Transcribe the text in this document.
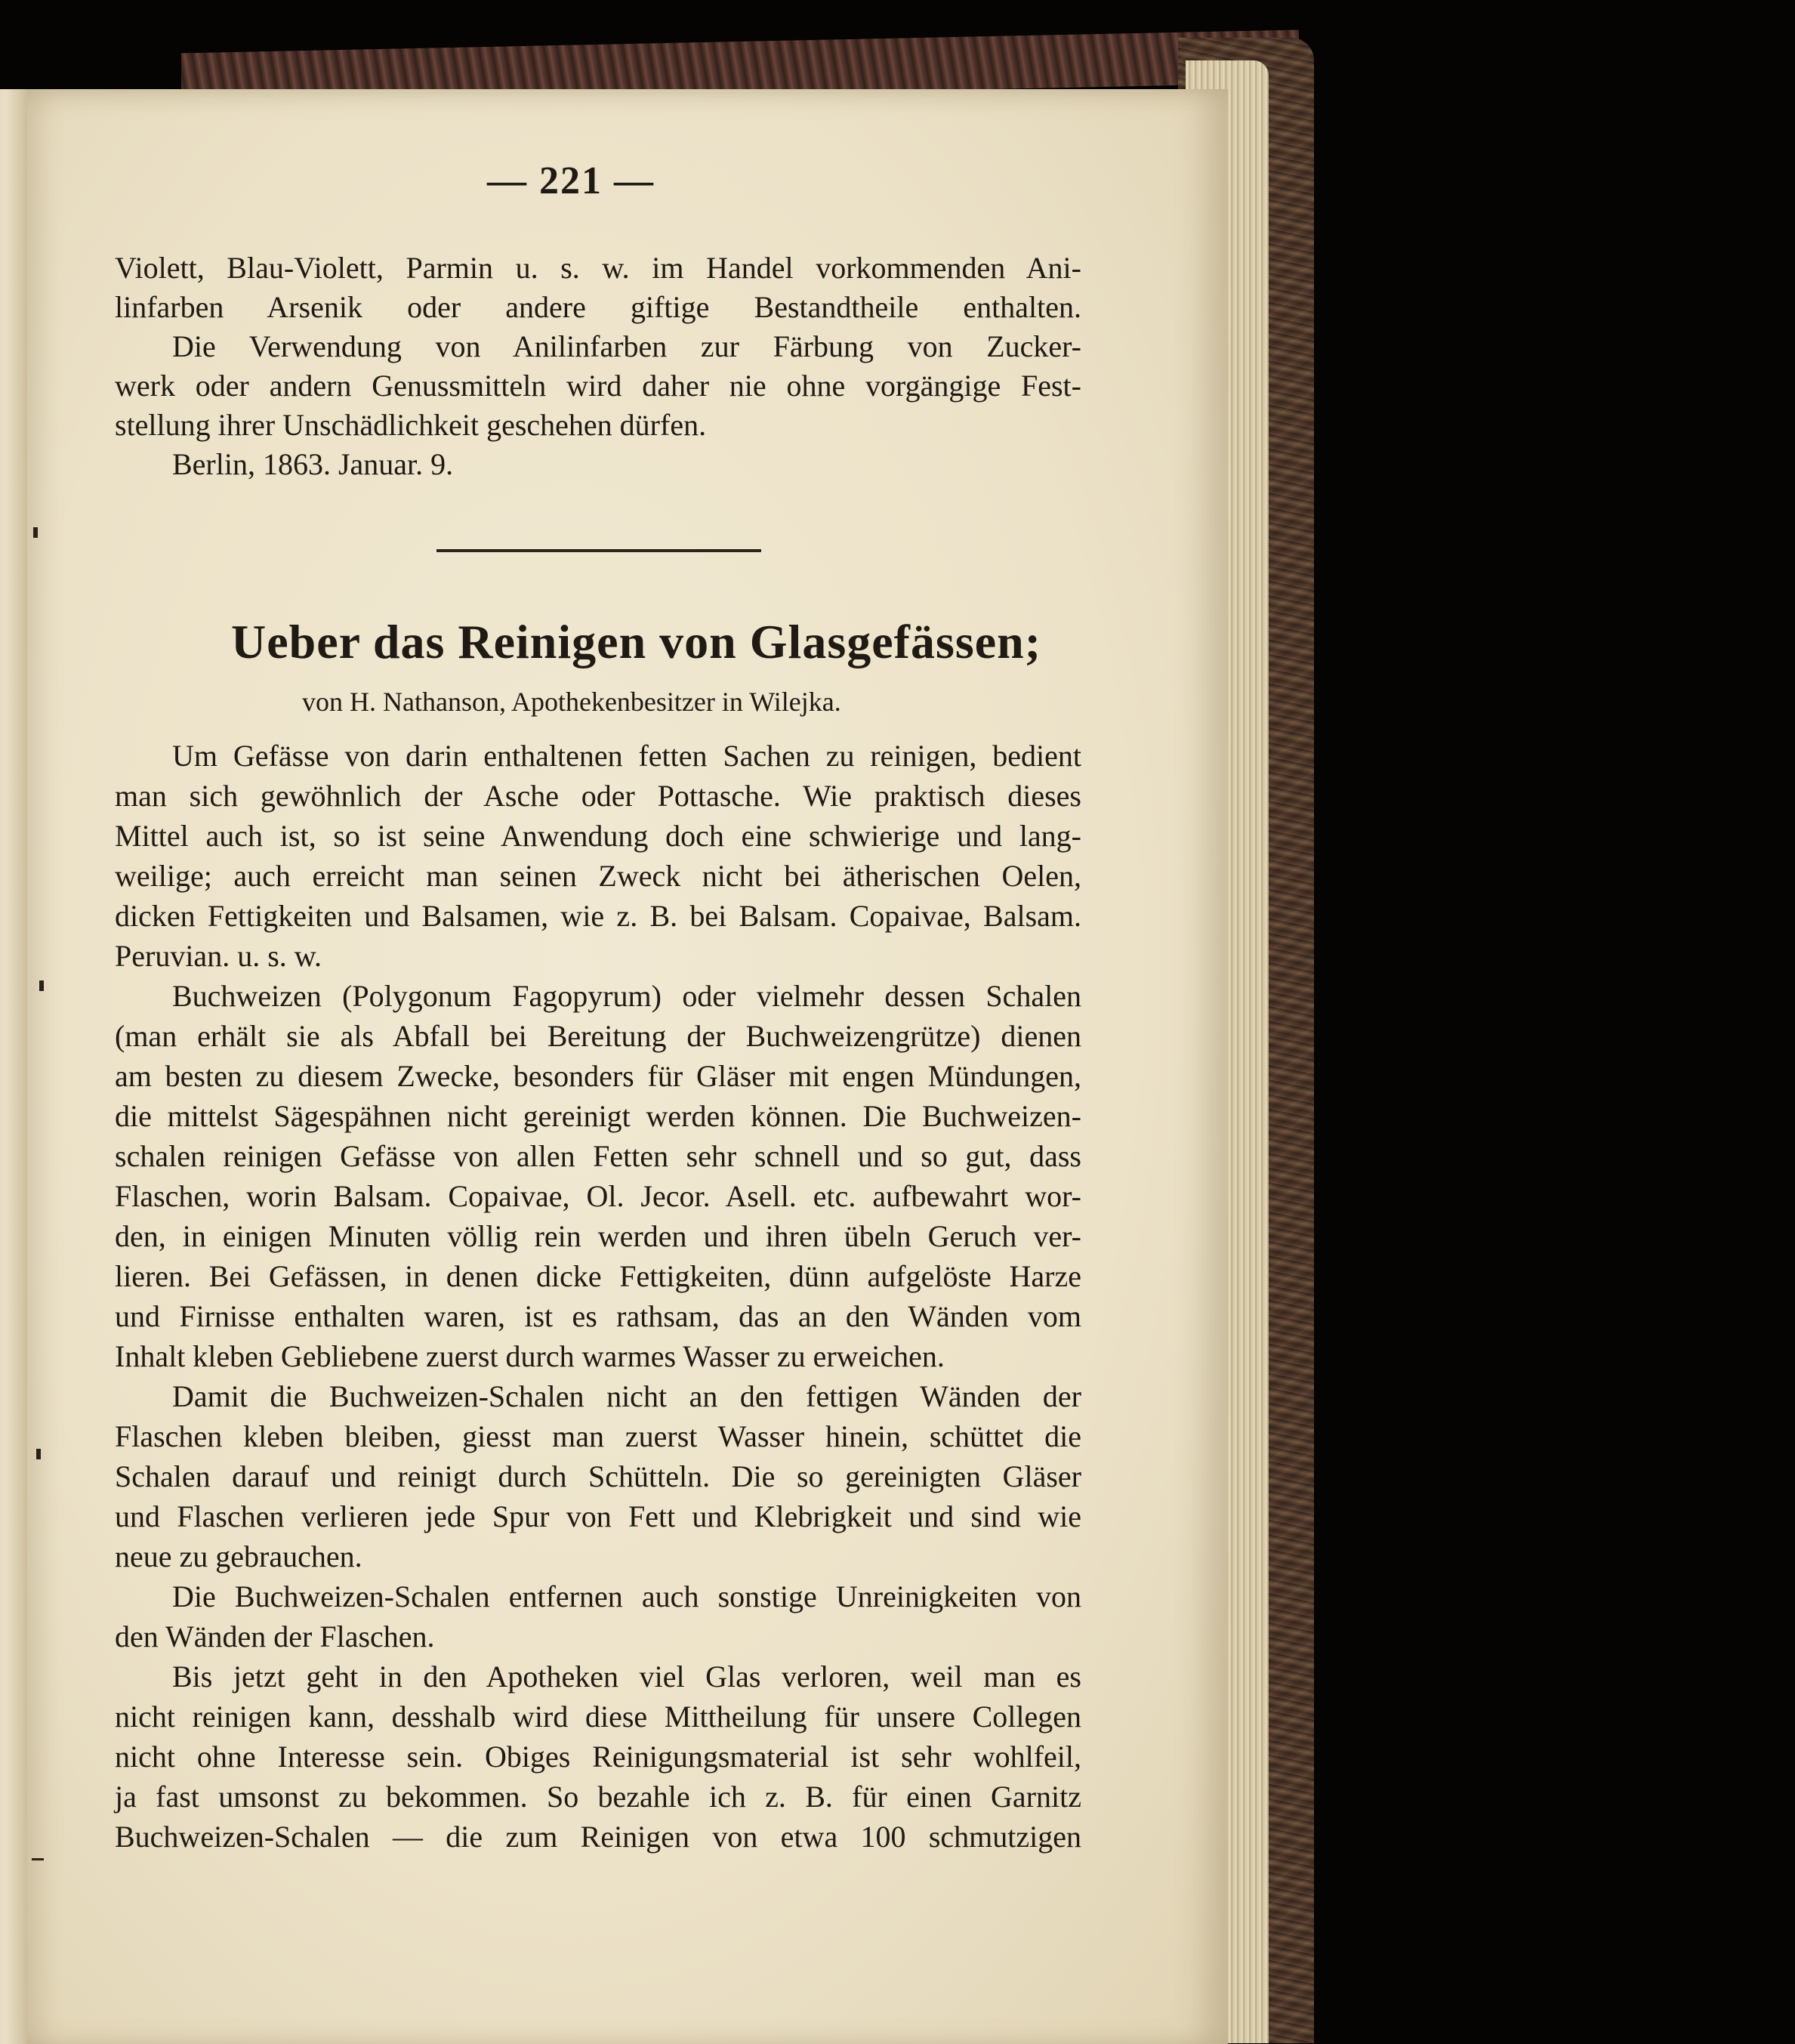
— 221 —
Violett, Blau-Violett, Parmin u. s. w. im Handel vorkommenden Ani-
linfarben Arsenik oder andere giftige Bestandtheile enthalten.
Die Verwendung von Anilinfarben zur Färbung von Zucker-
werk oder andern Genussmitteln wird daher nie ohne vorgängige Fest-
stellung ihrer Unschädlichkeit geschehen dürfen.
Berlin, 1863. Januar. 9.
Ueber das Reinigen von Glasgefässen;
von H. Nathanson, Apothekenbesitzer in Wilejka.
Um Gefässe von darin enthaltenen fetten Sachen zu reinigen, bedient
man sich gewöhnlich der Asche oder Pottasche. Wie praktisch dieses
Mittel auch ist, so ist seine Anwendung doch eine schwierige und lang-
weilige; auch erreicht man seinen Zweck nicht bei ätherischen Oelen,
dicken Fettigkeiten und Balsamen, wie z. B. bei Balsam. Copaivae, Balsam.
Peruvian. u. s. w.
Buchweizen (Polygonum Fagopyrum) oder vielmehr dessen Schalen
(man erhält sie als Abfall bei Bereitung der Buchweizengrütze) dienen
am besten zu diesem Zwecke, besonders für Gläser mit engen Mündungen,
die mittelst Sägespähnen nicht gereinigt werden können. Die Buchweizen-
schalen reinigen Gefässe von allen Fetten sehr schnell und so gut, dass
Flaschen, worin Balsam. Copaivae, Ol. Jecor. Asell. etc. aufbewahrt wor-
den, in einigen Minuten völlig rein werden und ihren übeln Geruch ver-
lieren. Bei Gefässen, in denen dicke Fettigkeiten, dünn aufgelöste Harze
und Firnisse enthalten waren, ist es rathsam, das an den Wänden vom
Inhalt kleben Gebliebene zuerst durch warmes Wasser zu erweichen.
Damit die Buchweizen-Schalen nicht an den fettigen Wänden der
Flaschen kleben bleiben, giesst man zuerst Wasser hinein, schüttet die
Schalen darauf und reinigt durch Schütteln. Die so gereinigten Gläser
und Flaschen verlieren jede Spur von Fett und Klebrigkeit und sind wie
neue zu gebrauchen.
Die Buchweizen-Schalen entfernen auch sonstige Unreinigkeiten von
den Wänden der Flaschen.
Bis jetzt geht in den Apotheken viel Glas verloren, weil man es
nicht reinigen kann, desshalb wird diese Mittheilung für unsere Collegen
nicht ohne Interesse sein. Obiges Reinigungsmaterial ist sehr wohlfeil,
ja fast umsonst zu bekommen. So bezahle ich z. B. für einen Garnitz
Buchweizen-Schalen — die zum Reinigen von etwa 100 schmutzigen
